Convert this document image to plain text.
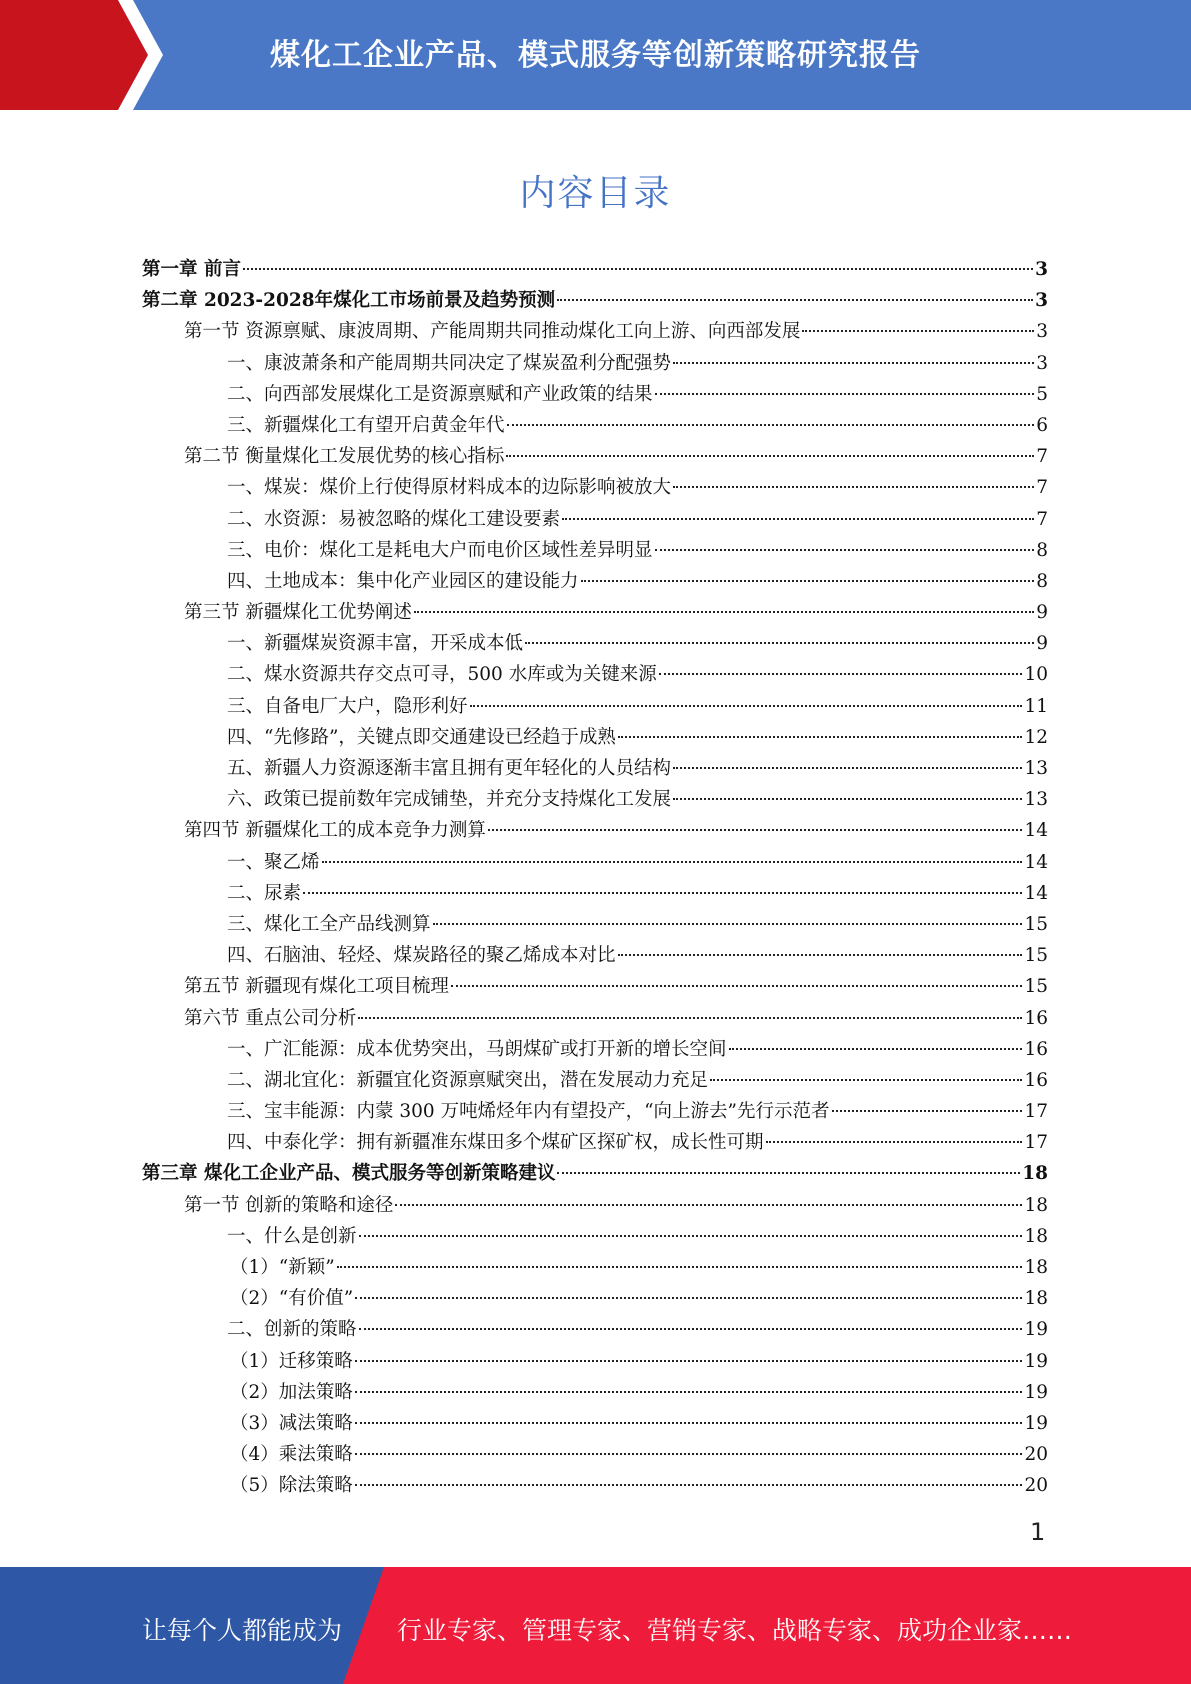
煤化工企业产品、模式服务等创新策略研究报告
内容目录
第一章 前言	3
第二章 2023-2028年煤化工市场前景及趋势预测	3
第一节 资源禀赋、康波周期、产能周期共同推动煤化工向上游、向西部发展	3
一、康波萧条和产能周期共同决定了煤炭盈利分配强势	3
二、向西部发展煤化工是资源禀赋和产业政策的结果	5
三、新疆煤化工有望开启黄金年代	6
第二节 衡量煤化工发展优势的核心指标	7
一、煤炭：煤价上行使得原材料成本的边际影响被放大	7
二、水资源：易被忽略的煤化工建设要素	7
三、电价：煤化工是耗电大户而电价区域性差异明显	8
四、土地成本：集中化产业园区的建设能力	8
第三节 新疆煤化工优势阐述	9
一、新疆煤炭资源丰富，开采成本低	9
二、煤水资源共存交点可寻，500 水库或为关键来源	10
三、自备电厂大户，隐形利好	11
四、“先修路”，关键点即交通建设已经趋于成熟	12
五、新疆人力资源逐渐丰富且拥有更年轻化的人员结构	13
六、政策已提前数年完成铺垫，并充分支持煤化工发展	13
第四节 新疆煤化工的成本竞争力测算	14
一、聚乙烯	14
二、尿素	14
三、煤化工全产品线测算	15
四、石脑油、轻烃、煤炭路径的聚乙烯成本对比	15
第五节 新疆现有煤化工项目梳理	15
第六节 重点公司分析	16
一、广汇能源：成本优势突出，马朗煤矿或打开新的增长空间	16
二、湖北宜化：新疆宜化资源禀赋突出，潜在发展动力充足	16
三、宝丰能源：内蒙 300 万吨烯烃年内有望投产，“向上游去”先行示范者	17
四、中泰化学：拥有新疆准东煤田多个煤矿区探矿权，成长性可期	17
第三章 煤化工企业产品、模式服务等创新策略建议	18
第一节 创新的策略和途径	18
一、什么是创新	18
（1）“新颖”	18
（2）“有价值”	18
二、创新的策略	19
（1）迁移策略	19
（2）加法策略	19
（3）减法策略	19
（4）乘法策略	20
（5）除法策略	20
1
让每个人都能成为 行业专家、管理专家、营销专家、战略专家、成功企业家……
